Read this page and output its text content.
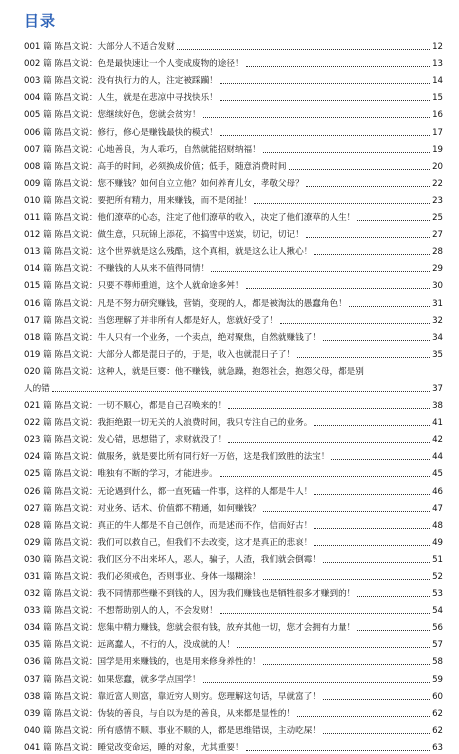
目录
001 篇
陈昌文说：大部分人不适合发财	12
002 篇
陈昌文说：色是最快速让一个人变成废物的途径！	13
003 篇
陈昌文说：没有执行力的人，注定被踩躏！	14
004 篇
陈昌文说：人生，就是在悲凉中寻找快乐！	15
005 篇
陈昌文说：您继续好色，您就会贫穷！	16
006 篇
陈昌文说：修行，修心是赚钱最快的模式！	17
007 篇
陈昌文说：心地善良，为人乖巧，自然就能招财纳福！	19
008 篇
陈昌文说：高手的时间，必须换成价值；低手，随意消费时间	20
009 篇
陈昌文说：您不赚钱？如何自立立他？如何养育儿女，孝敬父母？	22
010 篇
陈昌文说：要把所有精力，用来赚钱，而不是闭扯！	23
011 篇
陈昌文说：他们潦草的心态，注定了他们潦草的收入，决定了他们潦草的人生！	25
012 篇
陈昌文说：做生意，只玩锦上添花，不搞雪中送炭，切记，切记！	27
013 篇
陈昌文说：这个世界就是这么残酷，这个真相，就是这么让人揪心！	28
014 篇
陈昌文说：不赚钱的人从来不值得同情！	29
015 篇
陈昌文说：只要不尊师重道，这个人就命途多舛！	30
016 篇
陈昌文说：凡是不努力研究赚钱，营销，变现的人，都是被淘汰的愚蠢角色！	31
017 篇
陈昌文说：当您理解了并非所有人都是好人，您就好受了！	32
018 篇
陈昌文说：牛人只有一个业务，一个卖点，绝对聚焦，自然就赚钱了！	34
019 篇
陈昌文说：大部分人都是混日子的，于是，收入也就混日子了！	35
020 篇
陈昌文说：这种人，就是巨婴：他不赚钱，就急躁，抱怨社会，抱怨父母，都是别
人的错	37
021 篇
陈昌文说：一切不顺心，都是自己召唤来的！	38
022 篇
陈昌文说：我拒绝跟一切无关的人浪费时间，我只专注自己的业务。	41
023 篇
陈昌文说：发心错，思想错了，求财就没了！	42
024 篇
陈昌文说：做服务，就是要比所有同行好一万倍，这是我们致胜的法宝！	44
025 篇
陈昌文说：唯独有不断的学习，才能进步。	45
026 篇
陈昌文说：无论遇到什么，都一直死磕一件事，这样的人都是牛人！	46
027 篇
陈昌文说：对业务、话术、价值都不精通，如何赚钱？	47
028 篇
陈昌文说：真正的牛人都是不自己创作，而是述而不作，信而好古！	48
029 篇
陈昌文说：我们可以救自己，但我们不去改变，这才是真正的悲哀！	49
030 篇
陈昌文说：我们区分不出来坏人，恶人，骗子，人渣，我们就会倒霉！	51
031 篇
陈昌文说：我们必须戒色，否则事业、身体一塌糊涂！	52
032 篇
陈昌文说：我不同情那些赚不到钱的人，因为我们赚钱也是牺牲很多才赚到的！	53
033 篇
陈昌文说：不想帮助别人的人，不会发财！	54
034 篇
陈昌文说：您集中精力赚钱，您就会很有钱，放弃其他一切，您才会拥有力量！	56
035 篇
陈昌文说：远离蠢人，不行的人，没成就的人！	57
036 篇
陈昌文说：国学是用来赚钱的，也是用来修身养性的！	58
037 篇
陈昌文说：如果您蠢，就多学点国学！	59
038 篇
陈昌文说：靠近富人则富，靠近穷人则穷。您理解这句话，早就富了！	60
039 篇
陈昌文说：伪装的善良，与自以为是的善良，从来都是显性的！	62
040 篇
陈昌文说：所有感情不顺、事业不顺的人，都是思维错误，主动吃屎！	62
041 篇
陈昌文说：睡觉改变命运，睡的对象，尤其重要！	63
